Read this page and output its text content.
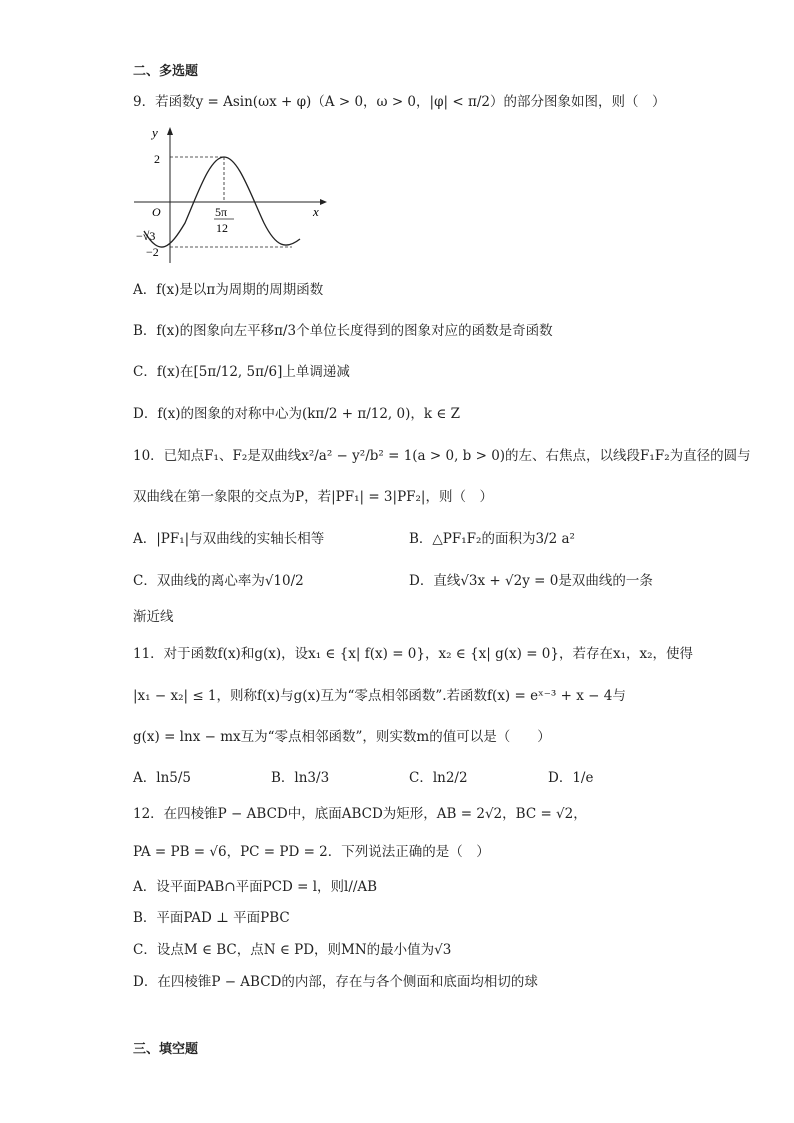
二、多选题
9．若函数y = Asin(ωx + φ)（A > 0，ω > 0，|φ| < π/2）的部分图象如图，则（　）
y
x
2
O
−√3
−2
5π
12
A．f(x)是以π为周期的周期函数
B．f(x)的图象向左平移π/3个单位长度得到的图象对应的函数是奇函数
C．f(x)在[5π/12, 5π/6]上单调递减
D．f(x)的图象的对称中心为(kπ/2 + π/12, 0)，k ∈ Z
10．已知点F₁、F₂是双曲线x²/a² − y²/b² = 1(a > 0, b > 0)的左、右焦点，以线段F₁F₂为直径的圆与
双曲线在第一象限的交点为P，若|PF₁| = 3|PF₂|，则（　）
A．|PF₁|与双曲线的实轴长相等	B．△PF₁F₂的面积为3/2 a²
C．双曲线的离心率为√10/2	D．直线√3x + √2y = 0是双曲线的一条
渐近线
11．对于函数f(x)和g(x)，设x₁ ∈ {x| f(x) = 0}，x₂ ∈ {x| g(x) = 0}，若存在x₁，x₂，使得
|x₁ − x₂| ≤ 1，则称f(x)与g(x)互为“零点相邻函数”.若函数f(x) = eˣ⁻³ + x − 4与
g(x) = lnx − mx互为“零点相邻函数”，则实数m的值可以是（　　）
A．ln5/5	B．ln3/3	C．ln2/2	D．1/e
12．在四棱锥P − ABCD中，底面ABCD为矩形，AB = 2√2，BC = √2，
PA = PB = √6，PC = PD = 2．下列说法正确的是（　）
A．设平面PAB∩平面PCD = l，则l//AB
B．平面PAD ⊥ 平面PBC
C．设点M ∈ BC，点N ∈ PD，则MN的最小值为√3
D．在四棱锥P − ABCD的内部，存在与各个侧面和底面均相切的球
三、填空题
